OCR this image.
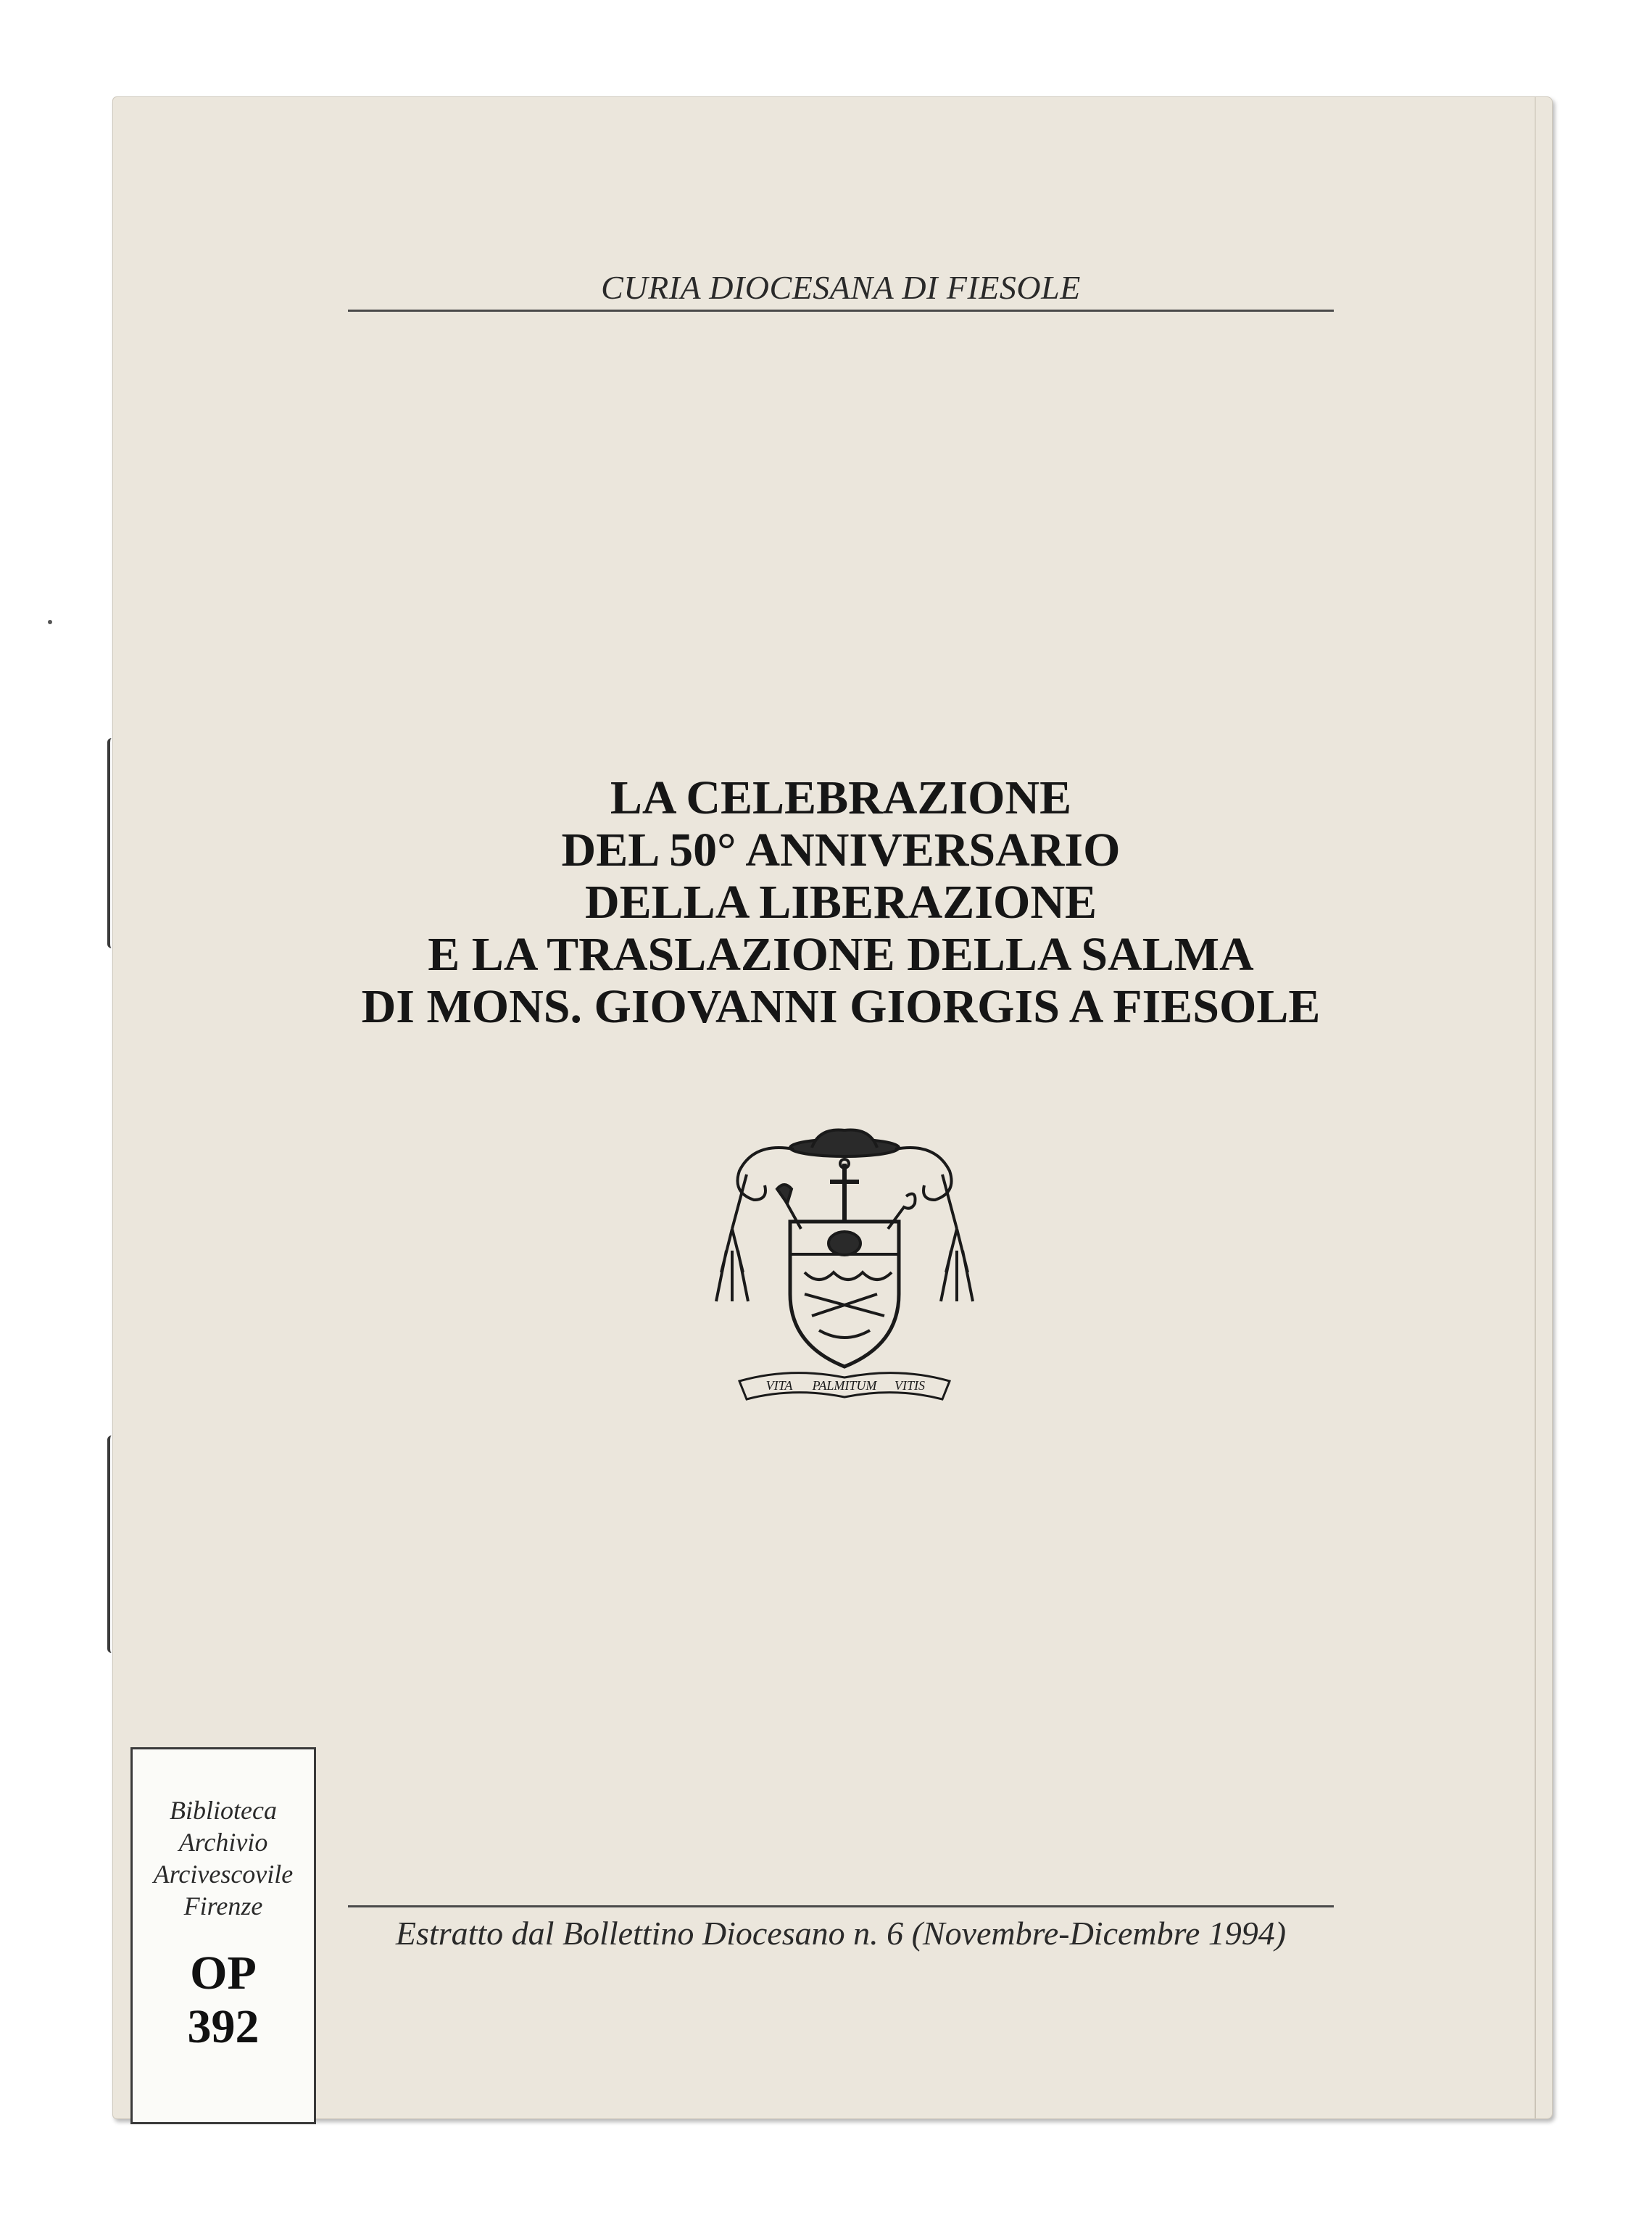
CURIA DIOCESANA DI FIESOLE
LA CELEBRAZIONE
DEL 50° ANNIVERSARIO
DELLA LIBERAZIONE
E LA TRASLAZIONE DELLA SALMA
DI MONS. GIOVANNI GIORGIS A FIESOLE
VITA PALMITUM VITIS
Estratto dal Bollettino Diocesano n. 6 (Novembre-Dicembre 1994)
Biblioteca
Archivio
Arcivescovile
Firenze
OP
392
